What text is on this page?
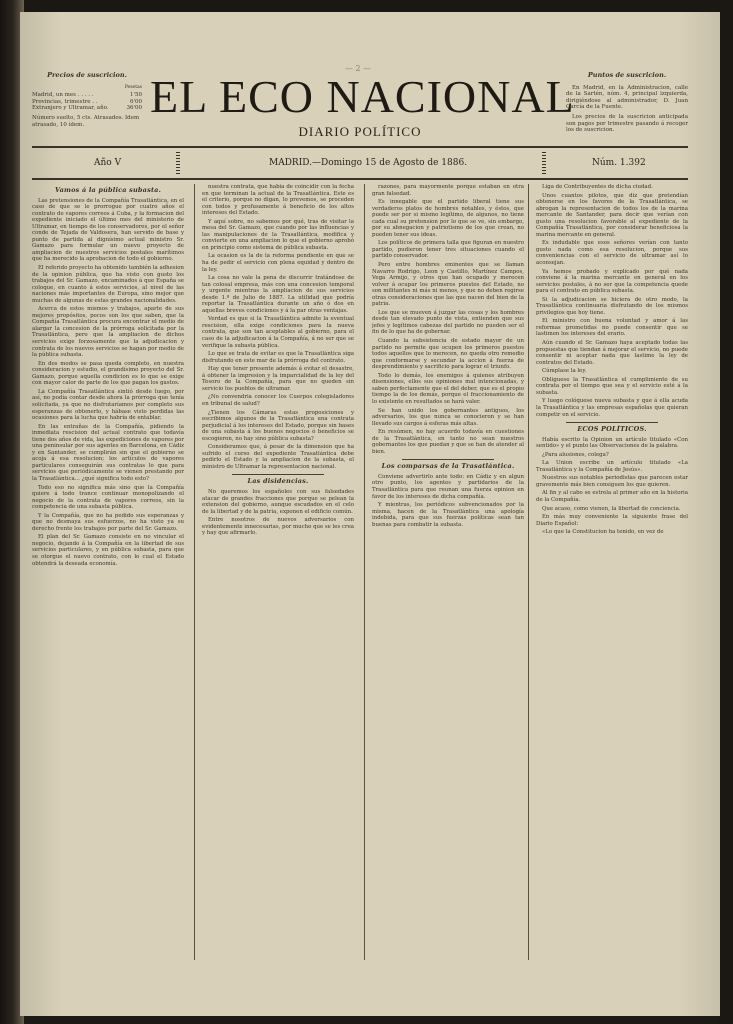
— 2 —
Precios de suscricion.
Pesetas
Madrid, un mes . . . . .	1'50
Provincias, trimestre . .	6'00
Extranjero y Ultramar, año.	36'00
Número suelto, 5 cts. Atrasados. Idem atrasado, 10 ídem.
EL ECO NACIONAL
DIARIO POLÍTICO
Puntos de suscricion.

En Madrid, en la Administracion, calle de la Sartén, núm. 4, principal izquierda, dirigiéndose al administrador, D. Juan García de la Fuente.

Los precios de la suscricion anticipada son pagos por trimestre pasando á recoger los de suscricion.

Año V	MADRID.—Domingo 15 de Agosto de 1886.	Núm. 1.392
Vamos á la pública subasta.

Las pretensiones de la Compañía Trasatlántica, en el caso de que se le prorrogue por cuatro años el contrato de vapores correos á Cuba, y la formacion del expediente iniciado el último mes del ministerio de Ultramar, en tiempo de los conservadores, por el señor conde de Tejada de Valdosera, han servido de base y punto de partida al dignísimo actual ministro Sr. Gamazo para formular un nuevo proyecto de ampliacion de nuestros servicios postales marítimos que ha merecido la aprobacion de todo el gobierno.

El referido proyecto ha obtenido también la adhesion de la opinion pública, que ha visto con gusto los trabajos del Sr. Gamazo, encaminados á que España se coloque, en cuanto á estos servicios, al nivel de las naciones más importantes de Europa, sino mejor que muchas de algunas de estas grandes nacionalidades.

Acerca de estos mismos y trabajos, aparte de sus mejores propósitos, pocos son los que saben, que la Compañía Trasatlántica procura encontrar el medio de alargar la concesion de la prórroga solicitada por la Trasatlántica, pero que la ampliacion de dichos servicios exige forzosamente que la adjudicacion y contrata de los nuevos servicios se hagan por medio de la pública subasta.

En dos modos se pasa queda completo, en nuestra consideracion y estudio, el grandísimo proyecto del Sr. Gamazo, porque aquella condicion es lo que se exige con mayor calor de parte de los que pagan los gastos.

La Compañía Trasatlántica sintió desde luego, por así, no podía contar desde ahora la prórroga que tenía solicitada, ya que no disfrutaríamos por completo sus esperanzas de obtenerlo, y hábase visto perdidas las ocasiones para la lucha que habría de entablar.

En las entrañas de la Compañía, pidiendo la inmediata rescision del actual contrato que todavía tiene dos años de vida, las expediciones de vapores por una peninsular por sus agentes en Barcelona, en Cádiz y en Santander, se cumplirán sin que el gobierno se acoja á esa resolucion; los artículos de vapores particulares conseguirán sus contratas lo que para servicios que periódicamente se vienen prestando por la Trasatlántica... ¿qué significa todo esto?

Todo eso no significa más sino que la Compañía quiere á todo trance continuar monopolizando el negocio de la contrata de vapores correos, sin la competencia de una subasta pública.

Y la Compañía, que no ha pedido sus esperanzas y que no desmaya sus esfuerzos, no ha visto ya su derecho frente los trabajos por parte del Sr. Gamazo.

El plan del Sr. Gamazo consiste en no vincular el negocio, dejando á la Compañía en la libertad de sus servicios particulares, y en pública subasta, para que se otorgue el nuevo contrato, con lo cual el Estado obtendrá la deseada economía.

nuestra contrata, que habia de coincidir con la fecha en que terminan la actual de la Trasatlántica. Este es el criterio, porque no digan, lo prevemos, se proceden con todos y profusamente á beneficio de los altos intereses del Estado.

Y aquí sobre, no sabemos por qué, tras de visitar la mesa del Sr. Gamazo, que cuando por las influencias y las manipulaciones de la Trasatlántica, modifica y convierte en una ampliacion lo que el gobierno aprobó en principio como sistema de pública subasta.

La ocasion es la de la reforma pendiente en que se ha de pedir el servicio con plena equidad y dentro de la ley.

La cosa no vale la pena de discurrir tratándose de tan colosal empresa, más con una concesion temporal y urgente mientras la ampliacion de sus servicios desde 1.º de Julio de 1887. La utilidad que podría reportar la Trasatlántica durante un año ó dos en aquellas breves condiciones y á la par otras ventajas.

Verdad es que si la Trasatlántica admite la eventual rescision, ella exige condiciones para la nueva contrata, que son tan aceptables al gobierno, para el caso de la adjudicacion á la Compañía, á no ser que se verifique la subasta pública.

Lo que se trata de evitar es que la Trasatlántica siga disfrutando en este mar de la prórroga del contrato.

Hay que tener presente además á evitar el desastre, á obtener la impresion y la imparcialidad de la ley del Tesoro de la Compañía, para que no queden sin servicio los pueblos de ultramar.

¿No convendria conocer los Cuerpos colegisladores en tribunal de salud?

¿Tienen los Cámaras estas proposiciones y escribimos algunos de la Trasatlántica una contrata perjudicial á los intereses del Estado, porque sin bases de una subasta á los buenos negocios ó beneficios se escogieron, no hay sino pública subasta?

Consideramos que, á pesar de la dimension que ha sufrido el curso del expediente Trasatlántica debe pedirlo el Estado y la ampliacion de la subasta, el ministro de Ultramar la representacion nacional.

Las disidencias.

No queremos los españoles con sus falsedades atacar de grandes fracciones que porque se pelean la extension del gobierno, aunque escudados en el celo de la libertad y de la patria, exponen el edificio común.

Entre nosotros de nuevos adversarios con evidentemente innecesarias, por mucho que se les crea y hay que afirmarlo.

razones, para mayormente porque estaban en otra gran falsedad.

Es innegable que el partido liberal tiene sus verdaderos platos de hombres notables, y éstos, que puede ser por si mismo legítimo, de algunos, no tiene cada cual su pretension por lo que se ve, sin embargo, por su abnegacion y patriotismo de los que crean, no pueden tener sus ideas.

Los políticos de primera talla que figuran en nuestro partido, pudieron tener tres situaciones cuando el partido conservador.

Pero entre hombres eminentes que se llaman Navarro Rodrigo, Leon y Castillo, Martínez Campos, Vega Armijo, y otros que han ocupado y merecen volver á ocupar los primeros puestos del Estado, no son militantes ni más ni menos, y que no deben regirse otras consideraciones que las que nacen del bien de la patria.

Los que se mueven á juzgar las cosas y los hombres desde tan elevado punto de vista, entienden que sus jefes y legítimos cabezas del partido no pueden ser el fin de lo que ha de gobernar.

Cuando la subsistencia de estado mayor de un partido no permite que ocupen los primeros puestos todos aquellos que lo merecen, no queda otro remedio que conformarse y secundar la accion á fuerza de desprendimiento y sacrificio para lograr el triunfo.

Todo lo demás, los enemigos á quienes atribuyen disensiones, ellos sus opiniones mal intencionadas, y saben perfectamente que el del deber, que es el propio tiempo la de los demás, porque el fraccionamiento de lo existente en resultados se hará valer.

Se han unido los gobernantes antiguos, los adversarios, los que nunca se conocieron y se han llevado sus cargos á esferas más altas.

En resúmen, no hay acuerdo todavía en cuestiones de la Trasatlántica, en tanto no sean nuestros gobernantes los que puedan y que se han de atender al bien.

Los comparsas de la Trasatlántica.

Conviene advertirlo ante todo: en Cádiz y en algun otro punto, los agentes y partidarios de la Trasatlántica para que reunan una fuerza opinion en favor de los intereses de dicha compañía.

Y mientras, los periódicos subvencionados por la misma, hacen de la Trasatlántica una apología indebida, para que sus fuerzas políticas sean tan buenas para combatir la subasta.

Liga de Contribuyentes de dicha ciudad.

Unos cuantos pilotos, que diz que pretendían obtenerse en los favores de la Trasatlántica, se abrogan la representacion de todos los de la marina mercante de Santander, para decir que verían con gusto una resolucion favorable al expediente de la Compañía Trasatlántica, por considerar beneficiosa la marina mercante en general.

Es indudable que esos señores verían con tanto gusto nada como esa resolucion, porque sus conveniencias con el servicio de ultramar así lo aconsejan.

Ya hemos probado y explicado por qué nada conviene á la marina mercante en general en los servicios postales, á no ser que la competencia quede para el contrato en pública subasta.

Si la adjudicacion se hiciera de otro modo, la Trasatlántica continuaría disfrutando de los mismos privilegios que hoy tiene.

El ministro con buena voluntad y amor á las reformas prometidas no puede consentir que se lastimen los intereses del erario.

Aún cuando el Sr. Gamazo haya aceptado todas las propuestas que tiendan á mejorar el servicio, no puede consentir ni aceptar nada que lastime la ley de contratos del Estado.

Cúmplase la ley.

Obliguese la Trasatlántica el cumplimiento de su contrata por el tiempo que sea y el servicio esté á la subasta.

Y luego colóquese nueva subasta y que á ella acuda la Trasatlántica y las empresas españolas que quieran competir en el servicio.

ECOS POLÍTICOS.

Había escrito la Opinion un artículo titulado «Con sentido» y el punto las Observaciones de la palabra.

¿Para alusiones, colega?

La Union escribe un artículo titulado «La Trasatlántica y la Compañía de Jesús».

Nuestros sus notables periodistas que parecen estar gravemente más bien consiguen los que quieren.

Al fin y al cabo se estrela al primer año en la historia de la Compañía.

Que acaso, como vienen, la libertad de conciencia.

En más muy conveniente la siguiente frase del Diario Español:

«Lo que la Constitucion ha tenido, en vez de
